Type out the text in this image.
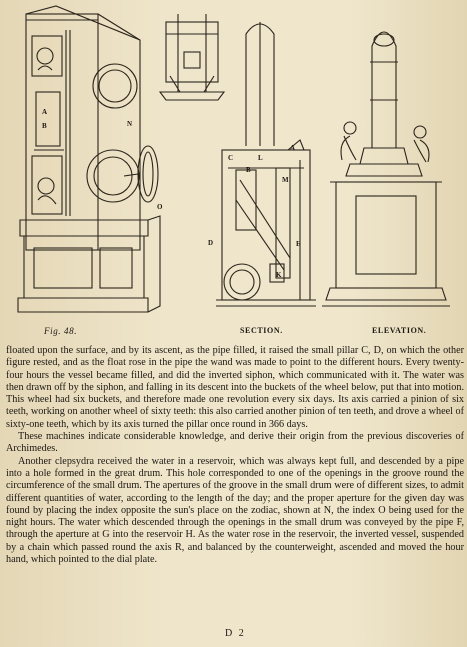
A
B	N
O
C	L
A
B
M
D	E
K
Fig. 48.	SECTION.	ELEVATION.

floated upon the surface, and by its ascent, as the pipe filled, it raised the small pillar C, D, on which the other figure rested, and as the float rose in the pipe the wand was made to point to the different hours. Every twenty-four hours the vessel became filled, and did the inverted siphon, which communicated with it. The water was then drawn off by the siphon, and falling in its descent into the buckets of the wheel below, put that into motion. This wheel had six buckets, and therefore made one revolution every six days. Its axis carried a pinion of six teeth, working on another wheel of sixty teeth: this also carried another pinion of ten teeth, and drove a wheel of sixty-one teeth, which by its axis turned the pillar once round in 366 days.

These machines indicate considerable knowledge, and derive their origin from the previous discoveries of Archimedes.

Another clepsydra received the water in a reservoir, which was always kept full, and descended by a pipe into a hole formed in the great drum. This hole corresponded to one of the openings in the groove round the circumference of the small drum. The apertures of the groove in the small drum were of different sizes, to admit different quantities of water, according to the length of the day; and the proper aperture for the given day was found by placing the index opposite the sun's place on the zodiac, shown at N, the index O being used for the night hours. The water which descended through the openings in the small drum was conveyed by the pipe F, through the aperture at G into the reservoir H. As the water rose in the reservoir, the inverted vessel, suspended by a chain which passed round the axis R, and balanced by the counterweight, ascended and moved the hour hand, which pointed to the dial plate.

D 2
